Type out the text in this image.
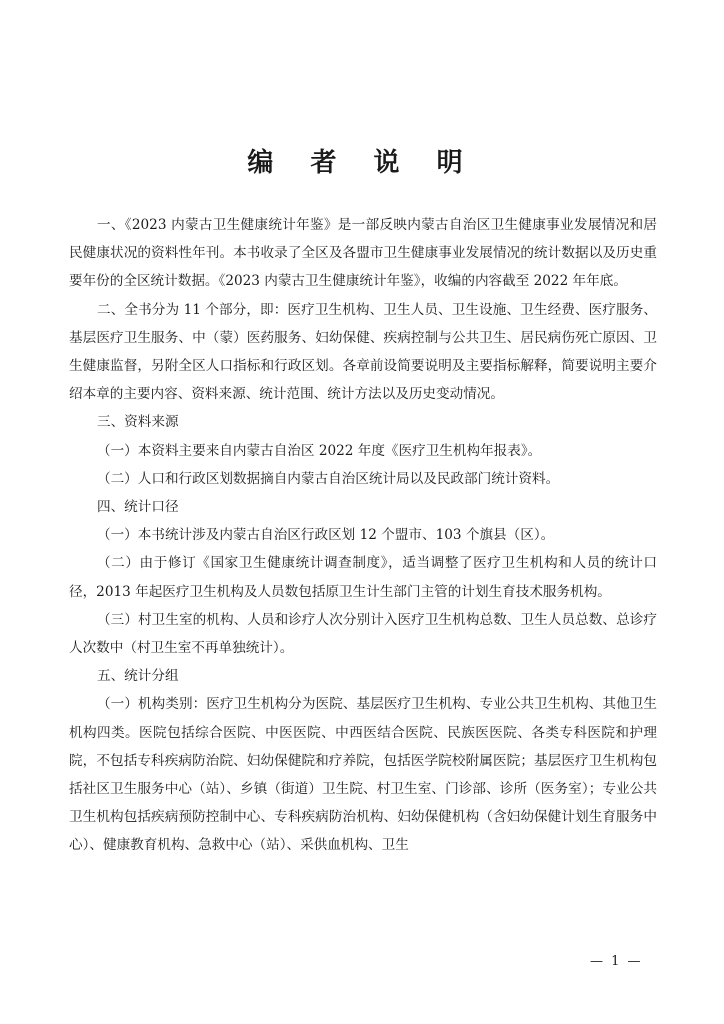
编 者 说 明

一、《2023 内蒙古卫生健康统计年鉴》是一部反映内蒙古自治区卫生健康事业发展情况和居民健康状况的资料性年刊。本书收录了全区及各盟市卫生健康事业发展情况的统计数据以及历史重要年份的全区统计数据。《2023 内蒙古卫生健康统计年鉴》，收编的内容截至 2022 年年底。

二、全书分为 11 个部分，即：医疗卫生机构、卫生人员、卫生设施、卫生经费、医疗服务、基层医疗卫生服务、中（蒙）医药服务、妇幼保健、疾病控制与公共卫生、居民病伤死亡原因、卫生健康监督，另附全区人口指标和行政区划。各章前设简要说明及主要指标解释，简要说明主要介绍本章的主要内容、资料来源、统计范围、统计方法以及历史变动情况。

三、资料来源

（一）本资料主要来自内蒙古自治区 2022 年度《医疗卫生机构年报表》。

（二）人口和行政区划数据摘自内蒙古自治区统计局以及民政部门统计资料。

四、统计口径

（一）本书统计涉及内蒙古自治区行政区划 12 个盟市、103 个旗县（区）。

（二）由于修订《国家卫生健康统计调查制度》，适当调整了医疗卫生机构和人员的统计口径，2013 年起医疗卫生机构及人员数包括原卫生计生部门主管的计划生育技术服务机构。

（三）村卫生室的机构、人员和诊疗人次分别计入医疗卫生机构总数、卫生人员总数、总诊疗人次数中（村卫生室不再单独统计）。

五、统计分组

（一）机构类别：医疗卫生机构分为医院、基层医疗卫生机构、专业公共卫生机构、其他卫生机构四类。医院包括综合医院、中医医院、中西医结合医院、民族医医院、各类专科医院和护理院，不包括专科疾病防治院、妇幼保健院和疗养院，包括医学院校附属医院；基层医疗卫生机构包括社区卫生服务中心（站）、乡镇（街道）卫生院、村卫生室、门诊部、诊所（医务室）；专业公共卫生机构包括疾病预防控制中心、专科疾病防治机构、妇幼保健机构（含妇幼保健计划生育服务中心）、健康教育机构、急救中心（站）、采供血机构、卫生

— 1 —
